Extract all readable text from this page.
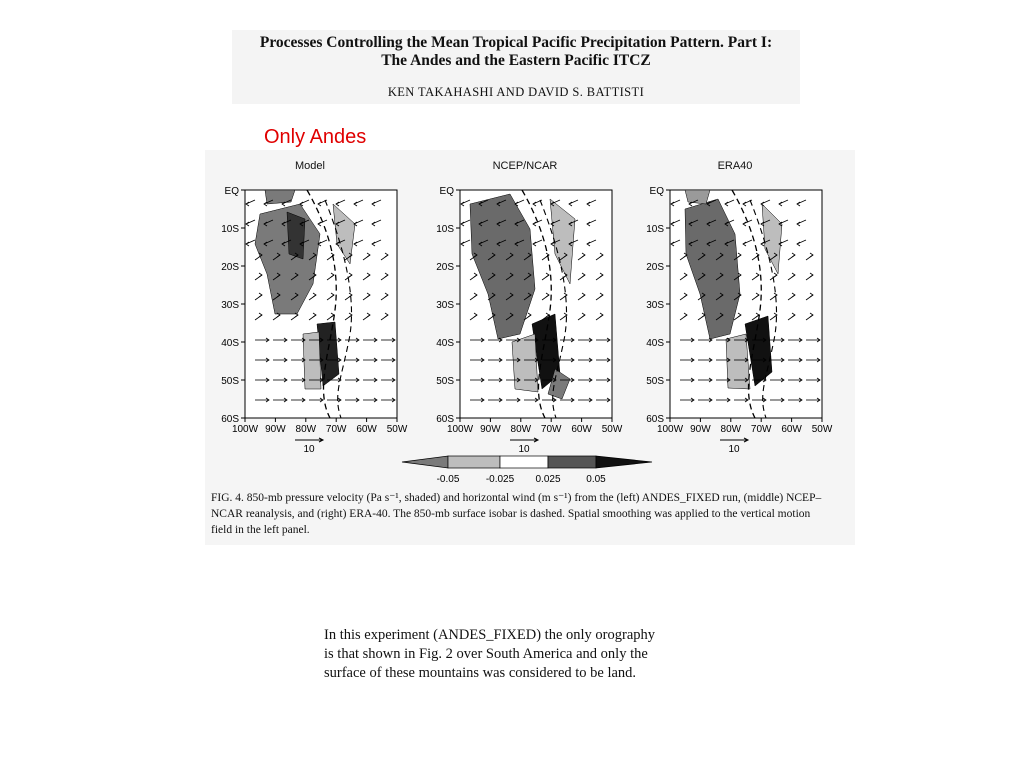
Processes Controlling the Mean Tropical Pacific Precipitation Pattern. Part I:
The Andes and the Eastern Pacific ITCZ
KEN TAKAHASHI AND DAVID S. BATTISTI
Only Andes
Model
EQ
10S
20S
30S
40S
50S
60S
100W 90W 80W 70W 60W 50W
10
NCEP/NCAR
EQ
10S
20S
30S
40S
50S
60S
100W 90W 80W 70W 60W 50W
10
ERA40
EQ
10S
20S
30S
40S
50S
60S
100W 90W 80W 70W 60W 50W
10
-0.05	-0.025 0.025	0.05
FIG. 4. 850-mb pressure velocity (Pa s⁻¹, shaded) and horizontal wind (m s⁻¹) from the (left) ANDES_FIXED run, (middle) NCEP–NCAR reanalysis, and (right) ERA-40. The 850-mb surface isobar is dashed. Spatial smoothing was applied to the vertical motion field in the left panel.
In this experiment (ANDES_FIXED) the only orography
is that shown in Fig. 2 over South America and only the
surface of these mountains was considered to be land.
